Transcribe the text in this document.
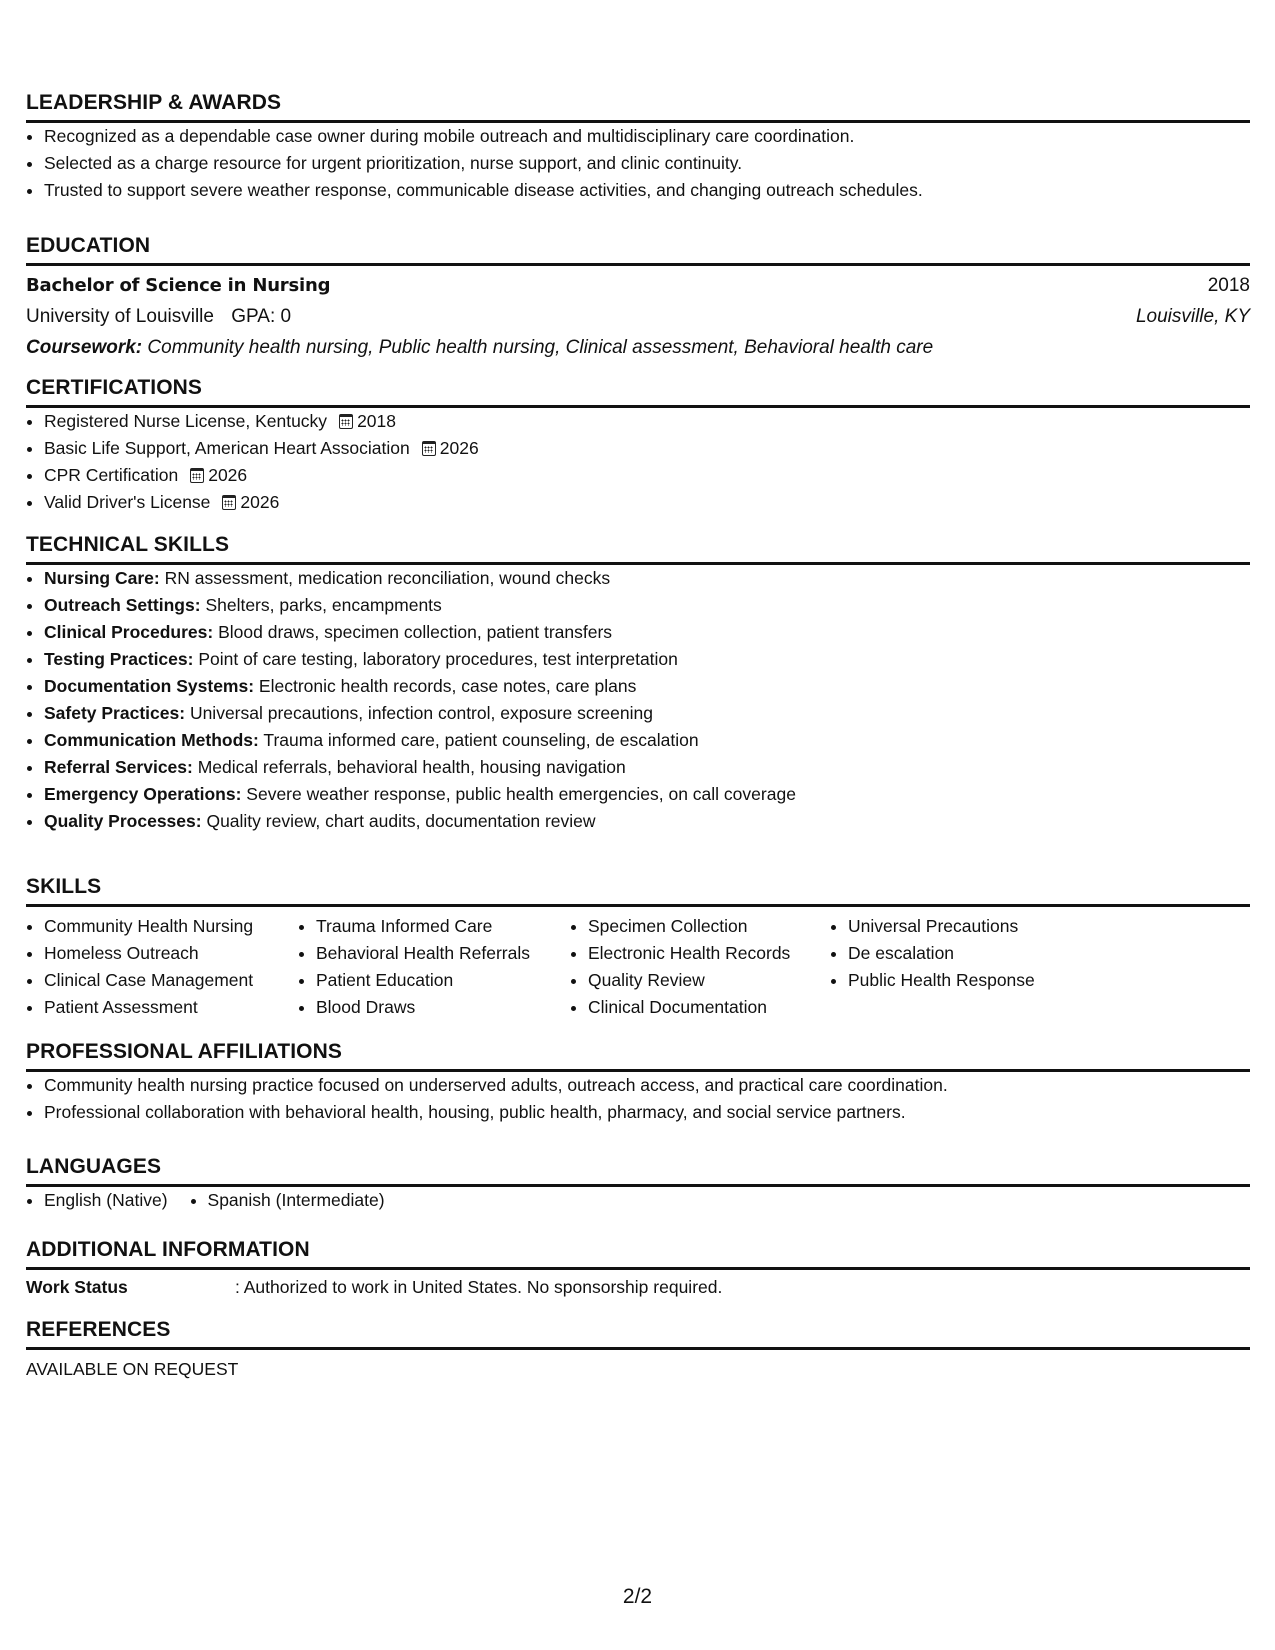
LEADERSHIP & AWARDS
Recognized as a dependable case owner during mobile outreach and multidisciplinary care coordination.
Selected as a charge resource for urgent prioritization, nurse support, and clinic continuity.
Trusted to support severe weather response, communicable disease activities, and changing outreach schedules.
EDUCATION
Bachelor of Science in Nursing	2018
University of Louisville GPA: 0	Louisville, KY
Coursework: Community health nursing, Public health nursing, Clinical assessment, Behavioral health care
CERTIFICATIONS
Registered Nurse License, Kentucky 2018
Basic Life Support, American Heart Association 2026
CPR Certification 2026
Valid Driver's License 2026
TECHNICAL SKILLS
Nursing Care: RN assessment, medication reconciliation, wound checks
Outreach Settings: Shelters, parks, encampments
Clinical Procedures: Blood draws, specimen collection, patient transfers
Testing Practices: Point of care testing, laboratory procedures, test interpretation
Documentation Systems: Electronic health records, case notes, care plans
Safety Practices: Universal precautions, infection control, exposure screening
Communication Methods: Trauma informed care, patient counseling, de escalation
Referral Services: Medical referrals, behavioral health, housing navigation
Emergency Operations: Severe weather response, public health emergencies, on call coverage
Quality Processes: Quality review, chart audits, documentation review
SKILLS
Community Health Nursing
Homeless Outreach
Clinical Case Management
Patient Assessment
Trauma Informed Care
Behavioral Health Referrals
Patient Education
Blood Draws
Specimen Collection
Electronic Health Records
Quality Review
Clinical Documentation
Universal Precautions
De escalation
Public Health Response
PROFESSIONAL AFFILIATIONS
Community health nursing practice focused on underserved adults, outreach access, and practical care coordination.
Professional collaboration with behavioral health, housing, public health, pharmacy, and social service partners.
LANGUAGES
English (Native)	Spanish (Intermediate)
ADDITIONAL INFORMATION
Work Status	: Authorized to work in United States. No sponsorship required.
REFERENCES
AVAILABLE ON REQUEST
2/2
